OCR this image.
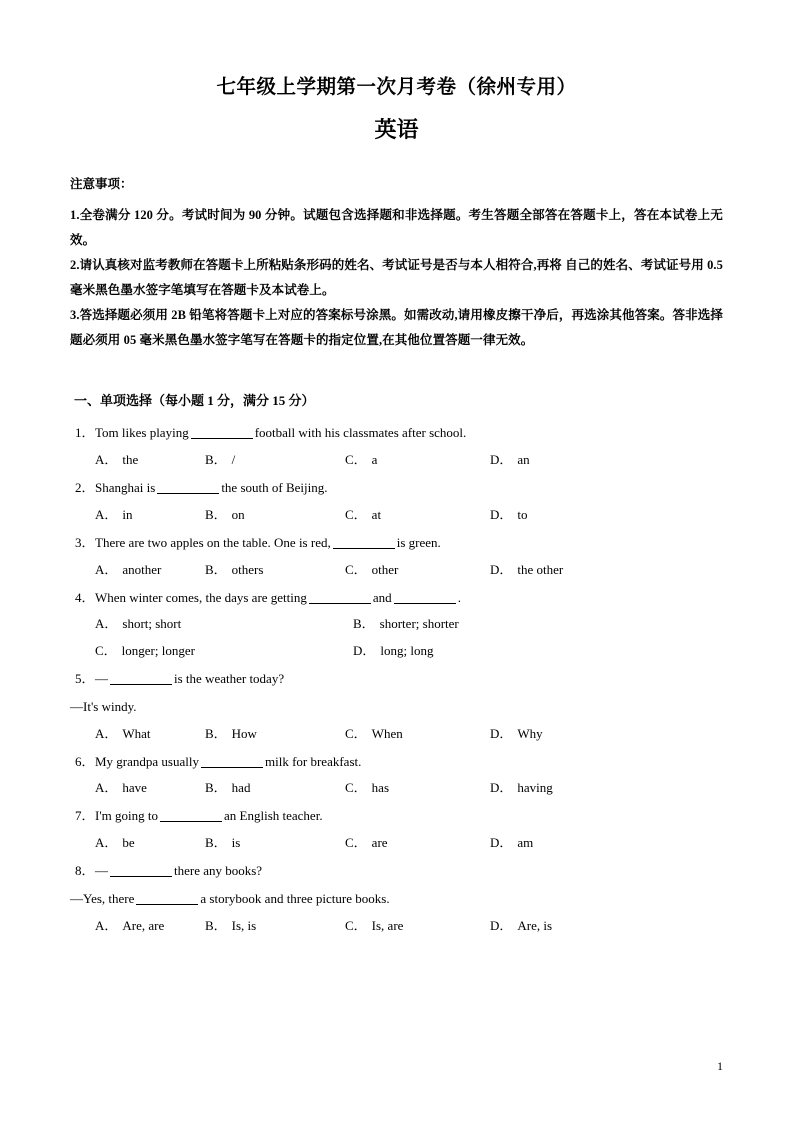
七年级上学期第一次月考卷（徐州专用）
英语

注意事项：

1.全卷满分 120 分。考试时间为 90 分钟。试题包含选择题和非选择题。考生答题全部答在答题卡上，答在本试卷上无效。

2.请认真核对监考教师在答题卡上所粘贴条形码的姓名、考试证号是否与本人相符合,再将 自己的姓名、考试证号用 0.5 毫米黑色墨水签字笔填写在答题卡及本试卷上。

3.答选择题必须用 2B 铅笔将答题卡上对应的答案标号涂黑。如需改动,请用橡皮擦干净后，再选涂其他答案。答非选择题必须用 05 毫米黑色墨水签字笔写在答题卡的指定位置,在其他位置答题一律无效。

一、单项选择（每小题 1 分，满分 15 分）

1．Tom likes playing	football with his classmates after school.

A． the	B． /	C． a	D． an

2．Shanghai is	the south of Beijing.

A． in	B． on	C． at	D． to

3．There are two apples on the table. One is red,	is green.

A． another	B． others	C． other	D． the other

4．When winter comes, the days are getting	and	.

A． short; short	B． shorter; shorter
C． longer; longer	D． long; long

5．—	is the weather today?

—It's windy.

A． What	B． How	C． When	D． Why

6．My grandpa usually	milk for breakfast.

A． have	B． had	C． has	D． having

7．I'm going to	an English teacher.

A． be	B． is	C． are	D． am

8．—	there any books?

—Yes, there	a storybook and three picture books.

A． Are, are	B． Is, is	C． Is, are	D． Are, is
1
